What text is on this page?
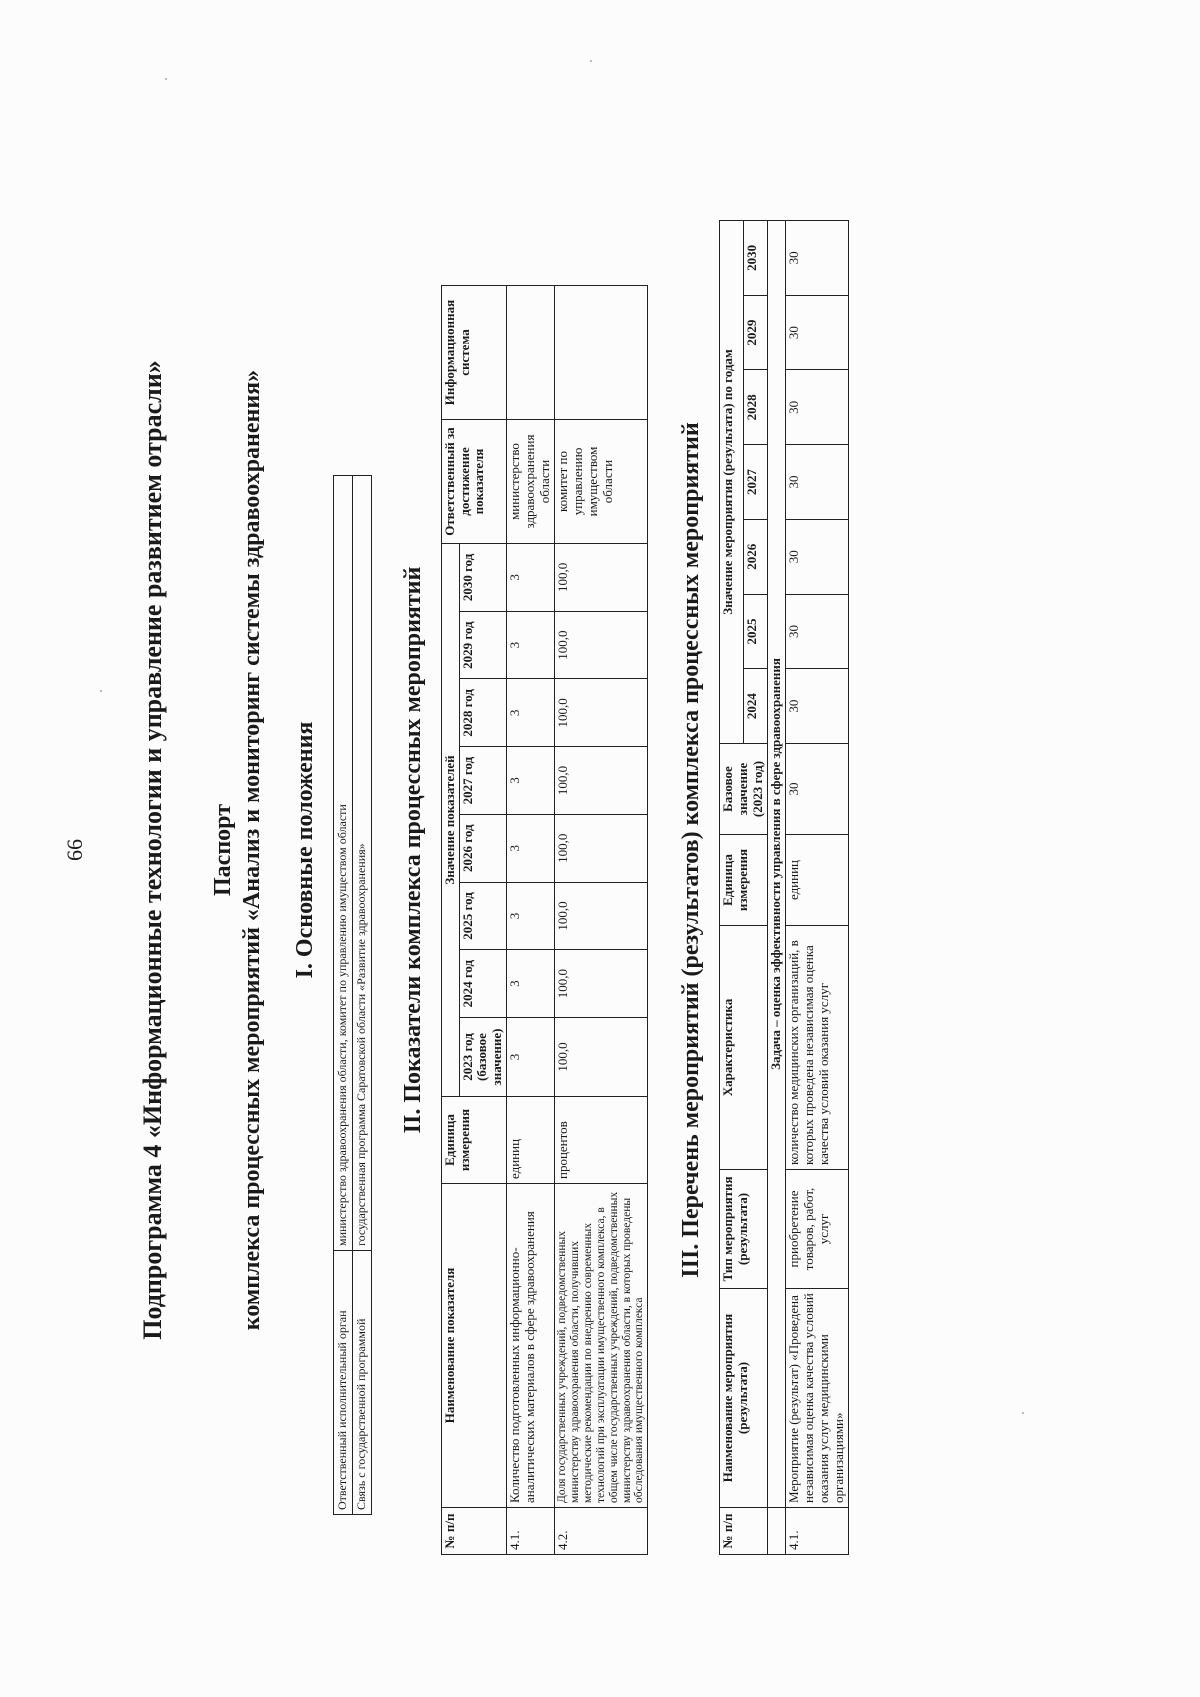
66 Подпрограмма 4 «Информационные технологии и управление развитием отрасли» Паспорт комплекса процессных мероприятий «Анализ и мониторинг системы здравоохранения» I. Основные положения

Ответственный исполнительный орган	министерство здравоохранения области, комитет по управлению имуществом области
Связь с государственной программой	государственная программа Саратовской области «Развитие здравоохранения» II. Показатели комплекса процессных мероприятий

№ п/п	Наименование показателя	Единица измерения	Значение показателей								Ответственный за достижение показателя	Информационная система
			2023 год (базовое значение)	2024 год	2025 год	2026 год	2027 год	2028 год	2029 год	2030 год		
4.1.	Количество подготовленных информационно-аналитических материалов в сфере здравоохранения	единиц	3	3	3	3	3	3	3	3	министерство здравоохранения области	
4.2.	Доля государственных учреждений, подведомственных министерству здравоохранения области, получивших методические рекомендации по внедрению современных технологий при эксплуатации имущественного комплекса, в общем числе государственных учреждений, подведомственных министерству здравоохранения области, в которых проведены обследования имущественного комплекса	процентов	100,0	100,0	100,0	100,0	100,0	100,0	100,0	100,0	комитет по управлению имуществом области		III. Перечень мероприятий (результатов) комплекса процессных мероприятий

№ п/п	Наименование мероприятия (результата)	Тип мероприятия (результата)	Характеристика	Единица измерения	Базовое значение (2023 год)	Значение мероприятия (результата) по годам						
						2024	2025	2026	2027	2028	2029	2030
	Задача – оценка эффективности управления в сфере здравоохранения											
4.1.	Мероприятие (результат) «Проведена независимая оценка качества условий оказания услуг медицинскими организациями»	приобретение товаров, работ, услуг	количество медицинских организаций, в которых проведена независимая оценка качества условий оказания услуг	единиц	30	30	30	30	30	30	30	30
